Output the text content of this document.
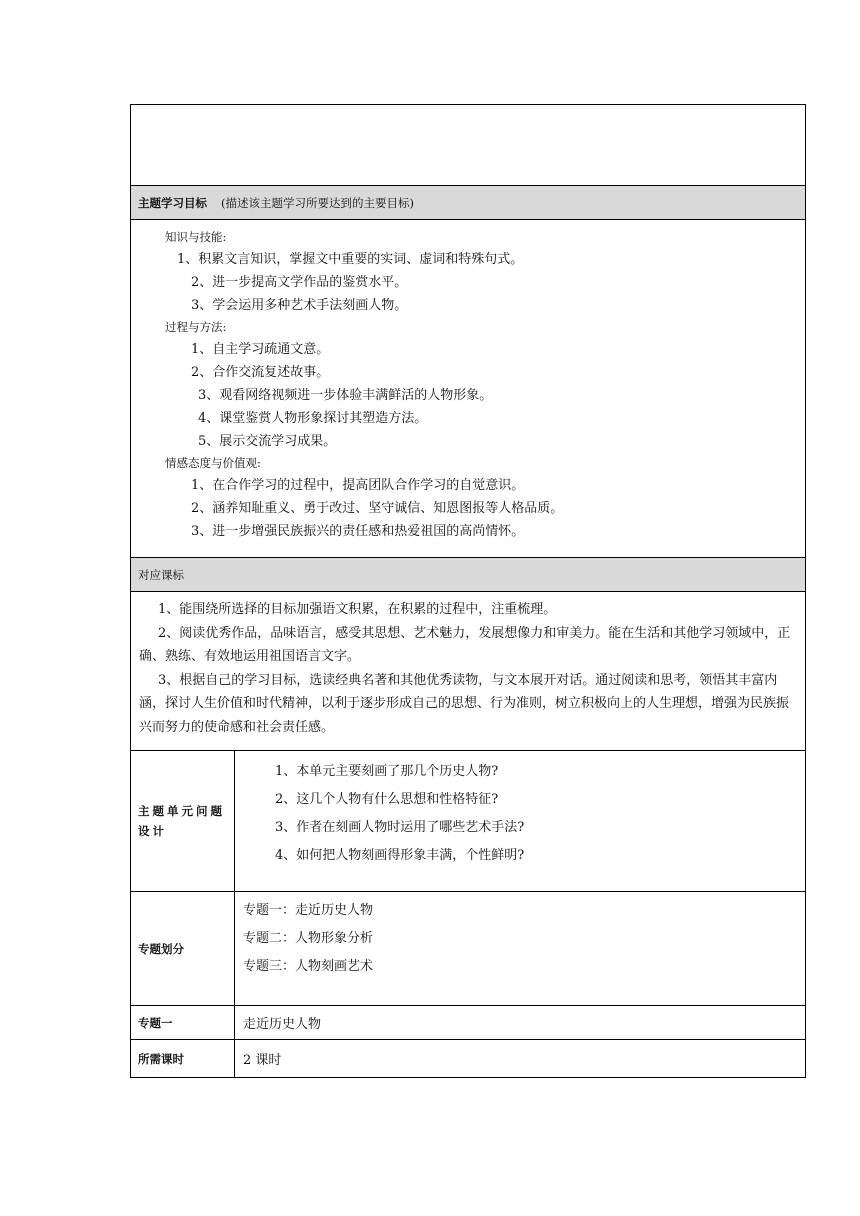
主题学习目标 (描述该主题学习所要达到的主要目标)
知识与技能:
1、积累文言知识，掌握文中重要的实词、虚词和特殊句式。
2、进一步提高文学作品的鉴赏水平。
3、学会运用多种艺术手法刻画人物。
过程与方法:
1、自主学习疏通文意。
2、合作交流复述故事。
3、观看网络视频进一步体验丰满鲜活的人物形象。
4、课堂鉴赏人物形象探讨其塑造方法。
5、展示交流学习成果。
情感态度与价值观:
1、在合作学习的过程中，提高团队合作学习的自觉意识。
2、涵养知耻重义、勇于改过、坚守诚信、知恩图报等人格品质。
3、进一步增强民族振兴的责任感和热爱祖国的高尚情怀。
对应课标

1、能围绕所选择的目标加强语文积累，在积累的过程中，注重梳理。

2、阅读优秀作品，品味语言，感受其思想、艺术魅力，发展想像力和审美力。能在生活和其他学习领域中，正确、熟练、有效地运用祖国语言文字。

3、根据自己的学习目标，选读经典名著和其他优秀读物，与文本展开对话。通过阅读和思考，领悟其丰富内涵，探讨人生价值和时代精神，以利于逐步形成自己的思想、行为准则，树立积极向上的人生理想，增强为民族振兴而努力的使命感和社会责任感。

主题单元问题设计
1、本单元主要刻画了那几个历史人物?
2、这几个人物有什么思想和性格特征?
3、作者在刻画人物时运用了哪些艺术手法?
4、如何把人物刻画得形象丰满，个性鲜明?
专题划分
专题一：走近历史人物
专题二：人物形象分析
专题三：人物刻画艺术
专题一	走近历史人物
所需课时	2 课时
